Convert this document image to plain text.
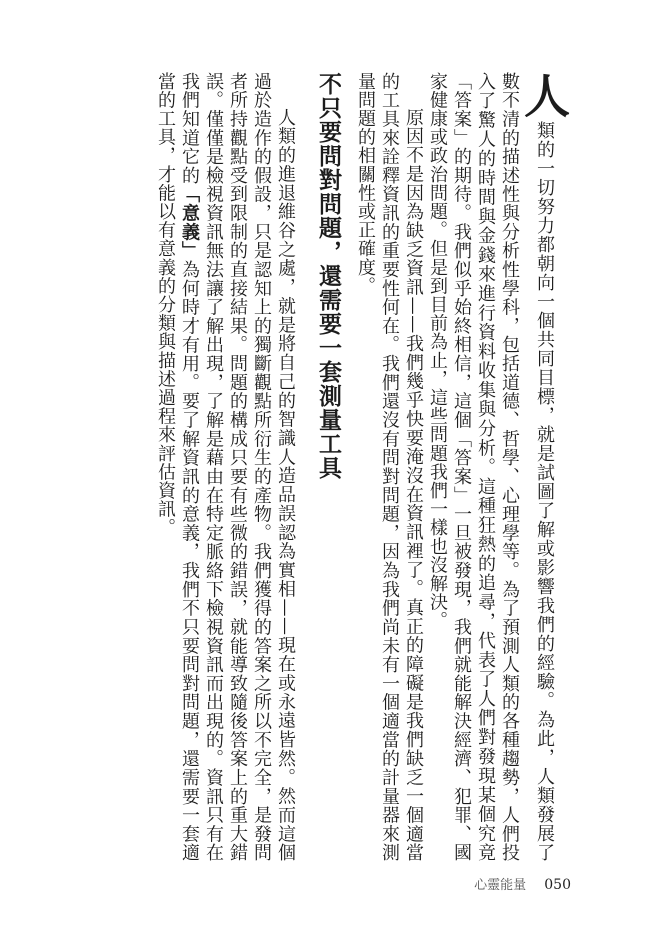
人類的一切努力都朝向一個共同目標，就是試圖了解或影響我們的經驗。為此，人類發展了數不清的描述性與分析性學科，包括道德、哲學、心理學等。為了預測人類的各種趨勢，人們投入了驚人的時間與金錢來進行資料收集與分析。這種狂熱的追尋，代表了人們對發現某個究竟「答案」的期待。我們似乎始終相信，這個「答案」一旦被發現，我們就能解決經濟、犯罪、國家健康或政治問題。但是到目前為止，這些問題我們一樣也沒解決。

原因不是因為缺乏資訊——我們幾乎快要淹沒在資訊裡了。真正的障礙是我們缺乏一個適當的工具來詮釋資訊的重要性何在。我們還沒有問對問題，因為我們尚未有一個適當的計量器來測量問題的相關性或正確度。

不只要問對問題，還需要一套測量工具

人類的進退維谷之處，就是將自己的智識人造品誤認為實相——現在或永遠皆然。然而這個過於造作的假設，只是認知上的獨斷觀點所衍生的產物。我們獲得的答案之所以不完全，是發問者所持觀點受到限制的直接結果。問題的構成只要有些微的錯誤，就能導致隨後答案上的重大錯誤。僅僅是檢視資訊無法讓了解出現，了解是藉由在特定脈絡下檢視資訊而出現的。資訊只有在我們知道它的「意義」為何時才有用。要了解資訊的意義，我們不只要問對問題，還需要一套適當的工具，才能以有意義的分類與描述過程來評估資訊。

心靈能量 050
